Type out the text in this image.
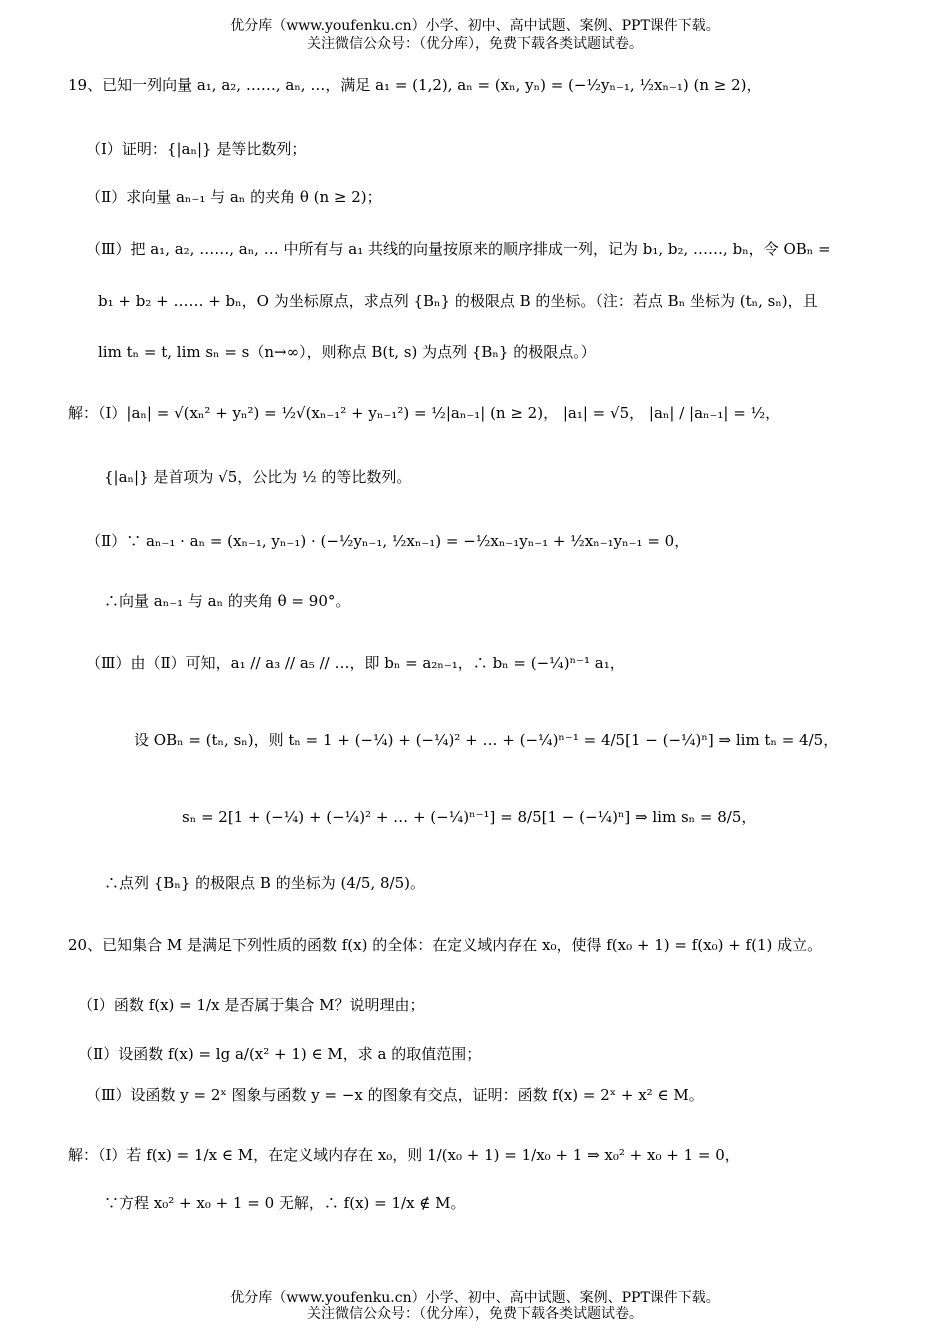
优分库（www.youfenku.cn）小学、初中、高中试题、案例、PPT课件下载。
关注微信公众号：（优分库），免费下载各类试题试卷。
19、已知一列向量 a₁, a₂, ……, aₙ, …，满足 a₁ = (1,2), aₙ = (xₙ, yₙ) = (−½yₙ₋₁, ½xₙ₋₁) (n ≥ 2)，
（Ⅰ）证明：{|aₙ|} 是等比数列；
（Ⅱ）求向量 aₙ₋₁ 与 aₙ 的夹角 θ (n ≥ 2)；
（Ⅲ）把 a₁, a₂, ……, aₙ, … 中所有与 a₁ 共线的向量按原来的顺序排成一列，记为 b₁, b₂, ……, bₙ，令 OBₙ =
b₁ + b₂ + …… + bₙ，O 为坐标原点，求点列 {Bₙ} 的极限点 B 的坐标。（注：若点 Bₙ 坐标为 (tₙ, sₙ)，且
lim tₙ = t, lim sₙ = s（n→∞），则称点 B(t, s) 为点列 {Bₙ} 的极限点。）
解：（Ⅰ）|aₙ| = √(xₙ² + yₙ²) = ½√(xₙ₋₁² + yₙ₋₁²) = ½|aₙ₋₁| (n ≥ 2)， |a₁| = √5， |aₙ| / |aₙ₋₁| = ½，
{|aₙ|} 是首项为 √5，公比为 ½ 的等比数列。
（Ⅱ）∵ aₙ₋₁ · aₙ = (xₙ₋₁, yₙ₋₁) · (−½yₙ₋₁, ½xₙ₋₁) = −½xₙ₋₁yₙ₋₁ + ½xₙ₋₁yₙ₋₁ = 0，
∴向量 aₙ₋₁ 与 aₙ 的夹角 θ = 90°。
（Ⅲ）由（Ⅱ）可知，a₁ // a₃ // a₅ // …，即 bₙ = a₂ₙ₋₁，∴ bₙ = (−¼)ⁿ⁻¹ a₁，
设 OBₙ = (tₙ, sₙ)，则 tₙ = 1 + (−¼) + (−¼)² + … + (−¼)ⁿ⁻¹ = 4/5[1 − (−¼)ⁿ] ⇒ lim tₙ = 4/5，
sₙ = 2[1 + (−¼) + (−¼)² + … + (−¼)ⁿ⁻¹] = 8/5[1 − (−¼)ⁿ] ⇒ lim sₙ = 8/5，
∴点列 {Bₙ} 的极限点 B 的坐标为 (4/5, 8/5)。
20、已知集合 M 是满足下列性质的函数 f(x) 的全体：在定义域内存在 x₀，使得 f(x₀ + 1) = f(x₀) + f(1) 成立。
（Ⅰ）函数 f(x) = 1/x 是否属于集合 M？说明理由；
（Ⅱ）设函数 f(x) = lg a/(x² + 1) ∈ M，求 a 的取值范围；
（Ⅲ）设函数 y = 2ˣ 图象与函数 y = −x 的图象有交点，证明：函数 f(x) = 2ˣ + x² ∈ M。
解：（Ⅰ）若 f(x) = 1/x ∈ M，在定义域内存在 x₀，则 1/(x₀ + 1) = 1/x₀ + 1 ⇒ x₀² + x₀ + 1 = 0，
∵方程 x₀² + x₀ + 1 = 0 无解，∴ f(x) = 1/x ∉ M。
优分库（www.youfenku.cn）小学、初中、高中试题、案例、PPT课件下载。
关注微信公众号：（优分库），免费下载各类试题试卷。
